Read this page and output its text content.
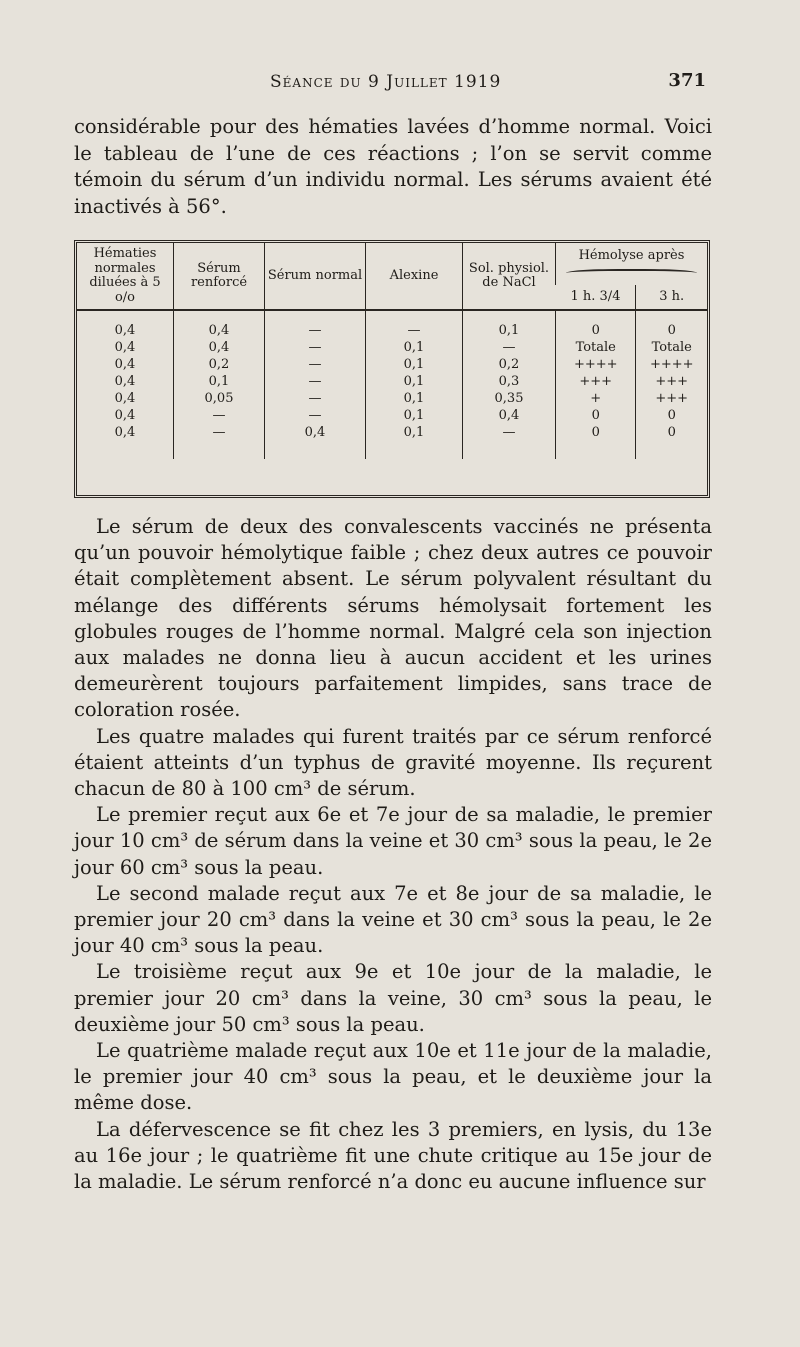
Séance du 9 Juillet 1919	371

considérable pour des hématies lavées d’homme normal. Voici le tableau de l’une de ces réactions ; l’on se servit comme témoin du sérum d’un individu normal. Les sérums avaient été inactivés à 56°.

Hématies normales diluées à 5 o/o	Sérum renforcé	Sérum normal	Alexine	Sol. physiol. de NaCl	Hémolyse après	

					1 h. 3/4	3 h.
0,4	0,4	—	—	0,1	0	0
0,4	0,4	—	0,1	—	Totale	Totale
0,4	0,2	—	0,1	0,2	++++	++++
0,4	0,1	—	0,1	0,3	+++	+++
0,4	0,05	—	0,1	0,35	+	+++
0,4	—	—	0,1	0,4	0	0
0,4	—	0,4	0,1	—	0	0

Le sérum de deux des convalescents vaccinés ne présenta qu’un pouvoir hémolytique faible ; chez deux autres ce pouvoir était complètement absent. Le sérum polyvalent résultant du mélange des différents sérums hémolysait fortement les globules rouges de l’homme normal. Malgré cela son injection aux malades ne donna lieu à aucun accident et les urines demeurèrent toujours parfaitement limpides, sans trace de coloration rosée.

Les quatre malades qui furent traités par ce sérum renforcé étaient atteints d’un typhus de gravité moyenne. Ils reçurent chacun de 80 à 100 cm³ de sérum.

Le premier reçut aux 6e et 7e jour de sa maladie, le premier jour 10 cm³ de sérum dans la veine et 30 cm³ sous la peau, le 2e jour 60 cm³ sous la peau.

Le second malade reçut aux 7e et 8e jour de sa maladie, le premier jour 20 cm³ dans la veine et 30 cm³ sous la peau, le 2e jour 40 cm³ sous la peau.

Le troisième reçut aux 9e et 10e jour de la maladie, le premier jour 20 cm³ dans la veine, 30 cm³ sous la peau, le deuxième jour 50 cm³ sous la peau.

Le quatrième malade reçut aux 10e et 11e jour de la maladie, le premier jour 40 cm³ sous la peau, et le deuxième jour la même dose.

La défervescence se fit chez les 3 premiers, en lysis, du 13e au 16e jour ; le quatrième fit une chute critique au 15e jour de la maladie. Le sérum renforcé n’a donc eu aucune influence sur
